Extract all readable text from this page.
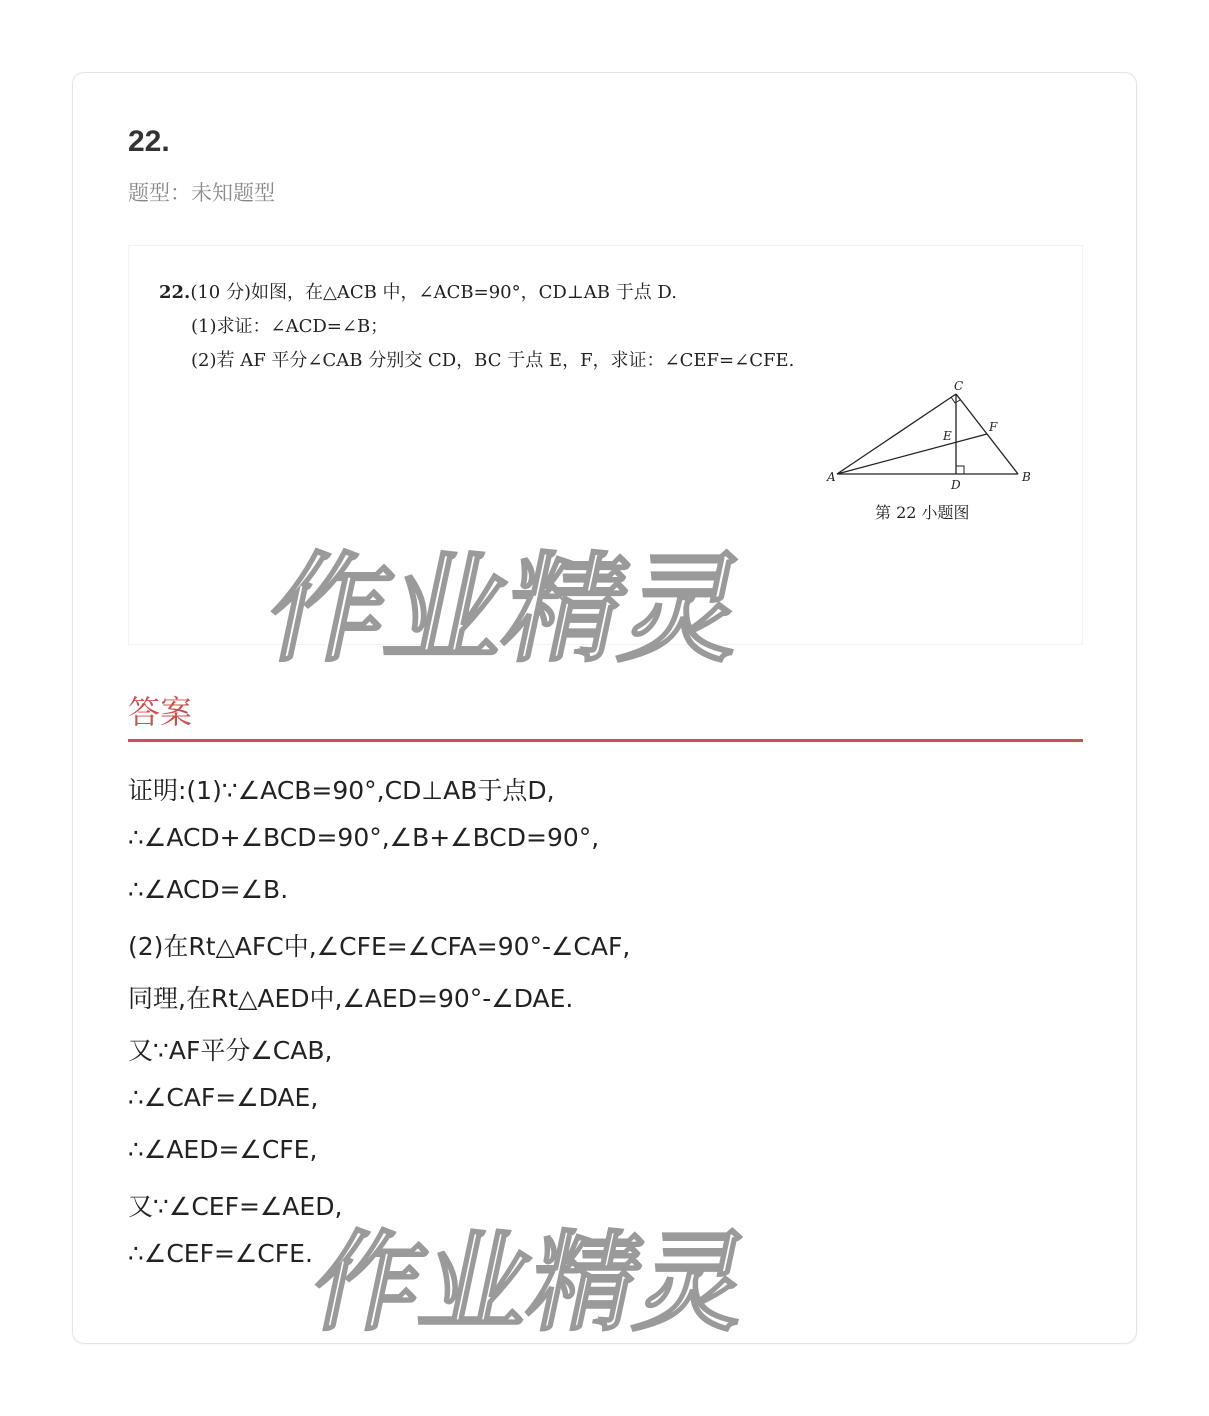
22.
题型：未知题型
22.(10 分)如图，在△ACB 中，∠ACB=90°，CD⊥AB 于点 D.
(1)求证：∠ACD=∠B；
(2)若 AF 平分∠CAB 分别交 CD，BC 于点 E，F，求证：∠CEF=∠CFE.
C
A	B
D
E
F
第 22 小题图
答案
证明:(1)∵∠ACB=90°,CD⊥AB于点D,
∴∠ACD+∠BCD=90°,∠B+∠BCD=90°,
∴∠ACD=∠B.
(2)在Rt△AFC中,∠CFE=∠CFA=90°-∠CAF,
同理,在Rt△AED中,∠AED=90°-∠DAE.
又∵AF平分∠CAB,
∴∠CAF=∠DAE,
∴∠AED=∠CFE,
又∵∠CEF=∠AED,
∴∠CEF=∠CFE.
